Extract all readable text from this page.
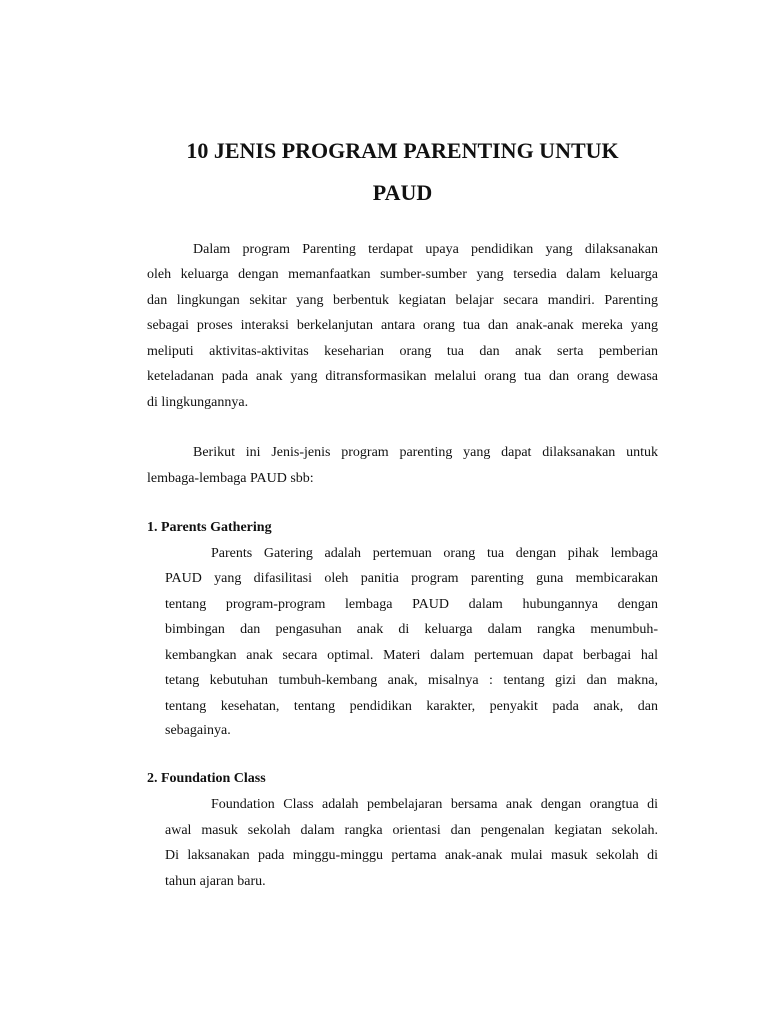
10 JENIS PROGRAM PARENTING UNTUK
PAUD
Dalam program Parenting terdapat upaya pendidikan yang dilaksanakan
oleh keluarga dengan memanfaatkan sumber-sumber yang tersedia dalam keluarga
dan lingkungan sekitar yang berbentuk kegiatan belajar secara mandiri. Parenting
sebagai proses interaksi berkelanjutan antara orang tua dan anak-anak mereka yang
meliputi aktivitas-aktivitas keseharian orang tua dan anak serta pemberian
keteladanan pada anak yang ditransformasikan melalui orang tua dan orang dewasa
di lingkungannya.
Berikut ini Jenis-jenis program parenting yang dapat dilaksanakan untuk
lembaga-lembaga PAUD sbb:
1. Parents Gathering
Parents Gatering adalah pertemuan orang tua dengan pihak lembaga
PAUD yang difasilitasi oleh panitia program parenting guna membicarakan
tentang program-program lembaga PAUD dalam hubungannya dengan
bimbingan dan pengasuhan anak di keluarga dalam rangka menumbuh-
kembangkan anak secara optimal. Materi dalam pertemuan dapat berbagai hal
tetang kebutuhan tumbuh-kembang anak, misalnya : tentang gizi dan makna,
tentang kesehatan, tentang pendidikan karakter, penyakit pada anak, dan
sebagainya.
2. Foundation Class
Foundation Class adalah pembelajaran bersama anak dengan orangtua di
awal masuk sekolah dalam rangka orientasi dan pengenalan kegiatan sekolah.
Di laksanakan pada minggu-minggu pertama anak-anak mulai masuk sekolah di
tahun ajaran baru.
